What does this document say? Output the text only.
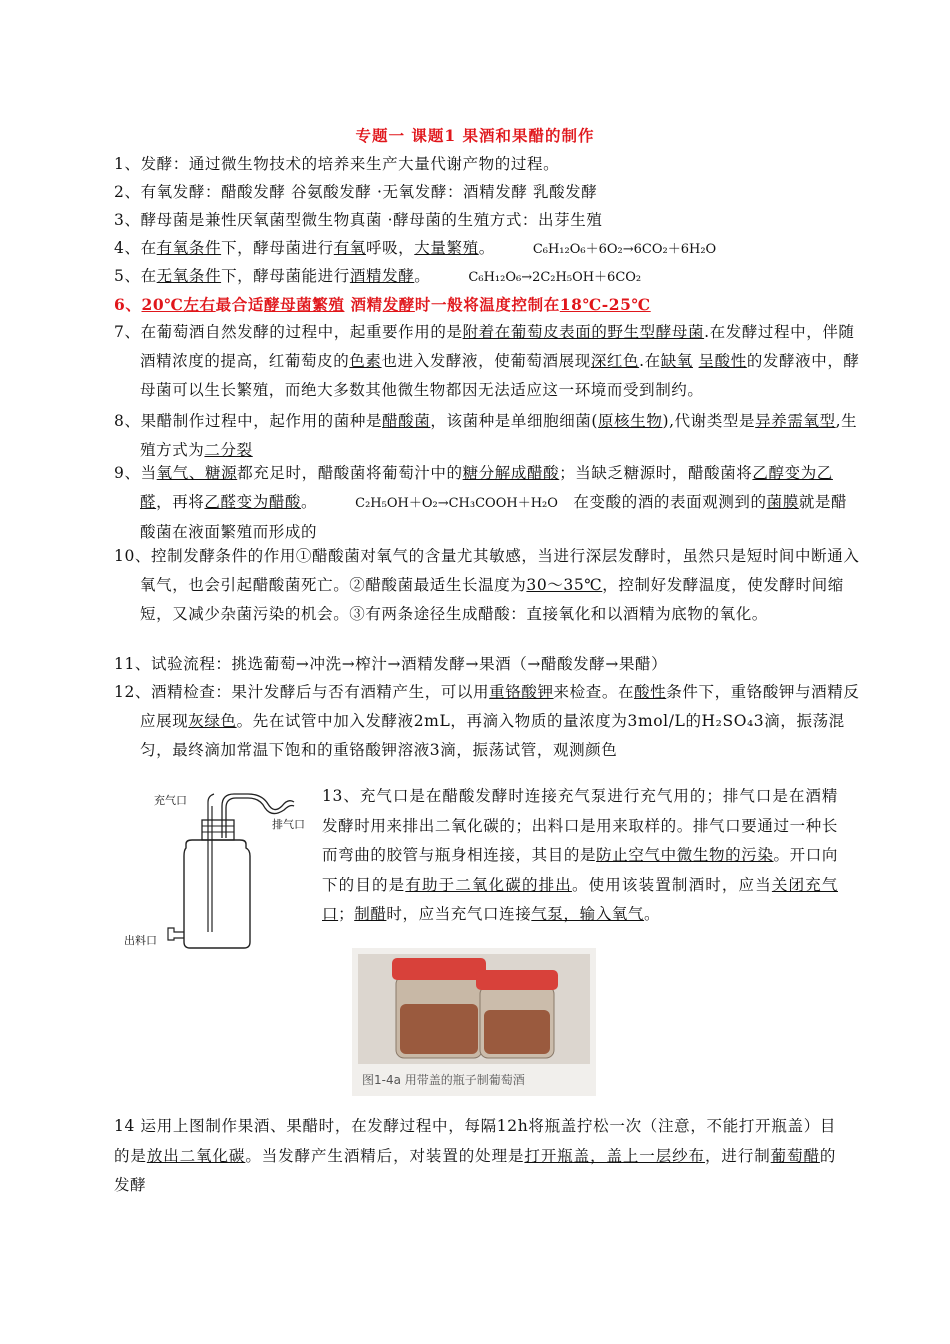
专题一 课题1 果酒和果醋的制作
1、发酵：通过微生物技术的培养来生产大量代谢产物的过程。
2、有氧发酵：醋酸发酵 谷氨酸发酵 ·无氧发酵：酒精发酵 乳酸发酵
3、酵母菌是兼性厌氧菌型微生物真菌 ·酵母菌的生殖方式：出芽生殖
4、在有氧条件下，酵母菌进行有氧呼吸，大量繁殖。	C₆H₁₂O₆＋6O₂→6CO₂＋6H₂O
5、在无氧条件下，酵母菌能进行酒精发酵。	C₆H₁₂O₆→2C₂H₅OH＋6CO₂
6、20℃左右最合适酵母菌繁殖 酒精发酵时一般将温度控制在18℃-25℃
7、在葡萄酒自然发酵的过程中，起重要作用的是附着在葡萄皮表面的野生型酵母菌.在发酵过程中，伴随酒精浓度的提高，红葡萄皮的色素也进入发酵液，使葡萄酒展现深红色.在缺氧 呈酸性的发酵液中，酵母菌可以生长繁殖，而绝大多数其他微生物都因无法适应这一环境而受到制约。
8、果醋制作过程中，起作用的菌种是醋酸菌，该菌种是单细胞细菌(原核生物),代谢类型是异养需氧型,生殖方式为二分裂
9、当氧气、糖源都充足时，醋酸菌将葡萄汁中的糖分解成醋酸；当缺乏糖源时，醋酸菌将乙醇变为乙醛，再将乙醛变为醋酸。	C₂H₅OH＋O₂→CH₃COOH＋H₂O 在变酸的酒的表面观测到的菌膜就是醋酸菌在液面繁殖而形成的
10、控制发酵条件的作用①醋酸菌对氧气的含量尤其敏感，当进行深层发酵时，虽然只是短时间中断通入氧气，也会引起醋酸菌死亡。②醋酸菌最适生长温度为30～35℃，控制好发酵温度，使发酵时间缩短，又减少杂菌污染的机会。③有两条途径生成醋酸：直接氧化和以酒精为底物的氧化。
11、试验流程：挑选葡萄→冲洗→榨汁→酒精发酵→果酒（→醋酸发酵→果醋）
12、酒精检查：果汁发酵后与否有酒精产生，可以用重铬酸钾来检查。在酸性条件下，重铬酸钾与酒精反应展现灰绿色。先在试管中加入发酵液2mL，再滴入物质的量浓度为3mol/L的H₂SO₄3滴，振荡混匀，最终滴加常温下饱和的重铬酸钾溶液3滴，振荡试管，观测颜色
充气口
排气口
出料口
13、充气口是在醋酸发酵时连接充气泵进行充气用的；排气口是在酒精发酵时用来排出二氧化碳的；出料口是用来取样的。排气口要通过一种长而弯曲的胶管与瓶身相连接，其目的是防止空气中微生物的污染。开口向下的目的是有助于二氧化碳的排出。使用该装置制酒时，应当关闭充气口；制醋时，应当充气口连接气泵，输入氧气。
图1-4a 用带盖的瓶子制葡萄酒
14 运用上图制作果酒、果醋时，在发酵过程中，每隔12h将瓶盖拧松一次（注意，不能打开瓶盖）目的是放出二氧化碳。当发酵产生酒精后，对装置的处理是打开瓶盖，盖上一层纱布，进行制葡萄醋的发酵
